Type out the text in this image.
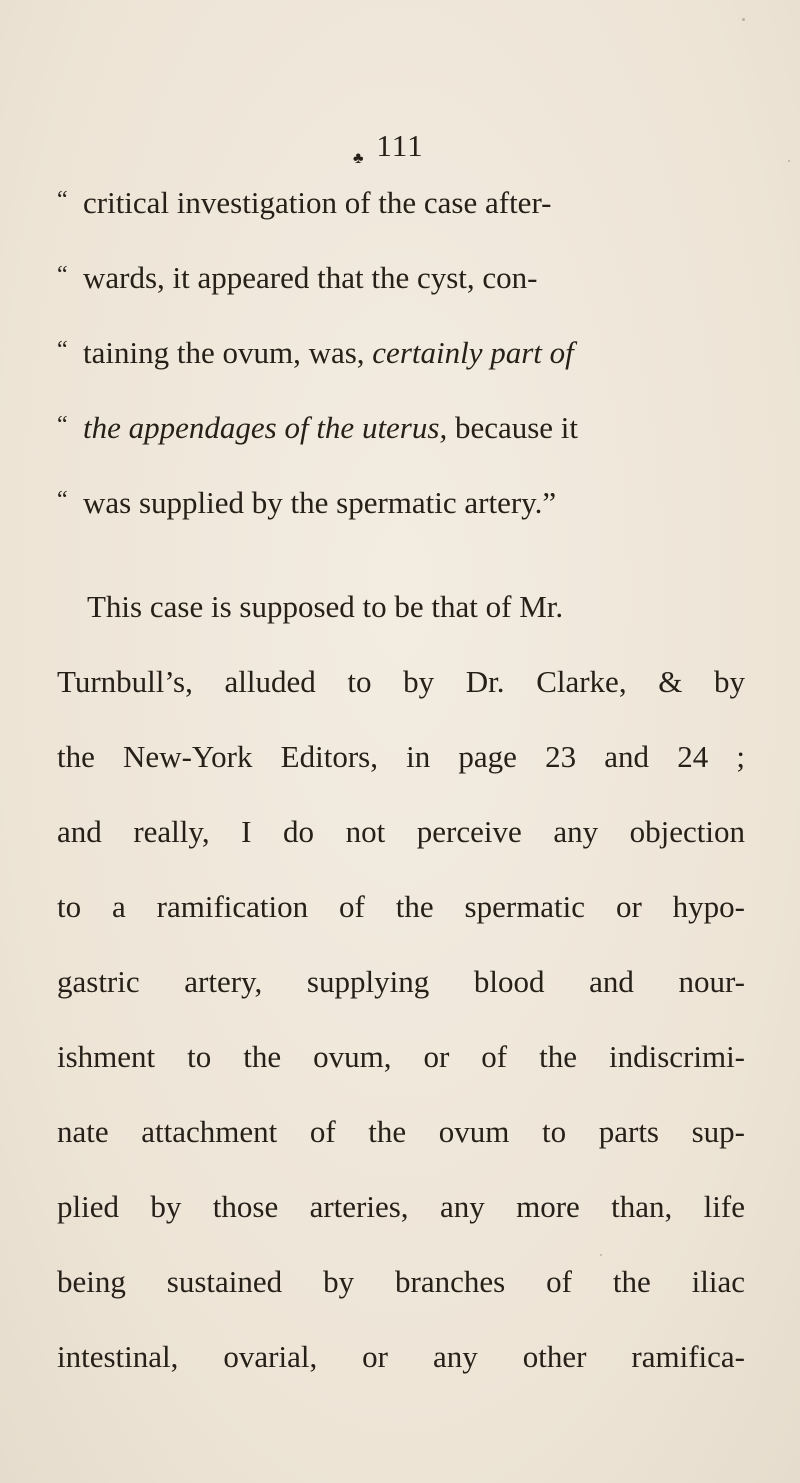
111
♣
“ critical investigation of the case after-
“ wards, it appeared that the cyst, con-
“ taining the ovum, was, certainly part of
“ the appendages of the uterus, because it
“ was supplied by the spermatic artery.”
This case is supposed to be that of Mr.
Turnbull’s, alluded to by Dr. Clarke, & by
the New-York Editors, in page 23 and 24 ;
and really, I do not perceive any objection
to a ramification of the spermatic or hypo-
gastric artery, supplying blood and nour-
ishment to the ovum, or of the indiscrimi-
nate attachment of the ovum to parts sup-
plied by those arteries, any more than, life
being sustained by branches of the iliac
intestinal, ovarial, or any other ramifica-
